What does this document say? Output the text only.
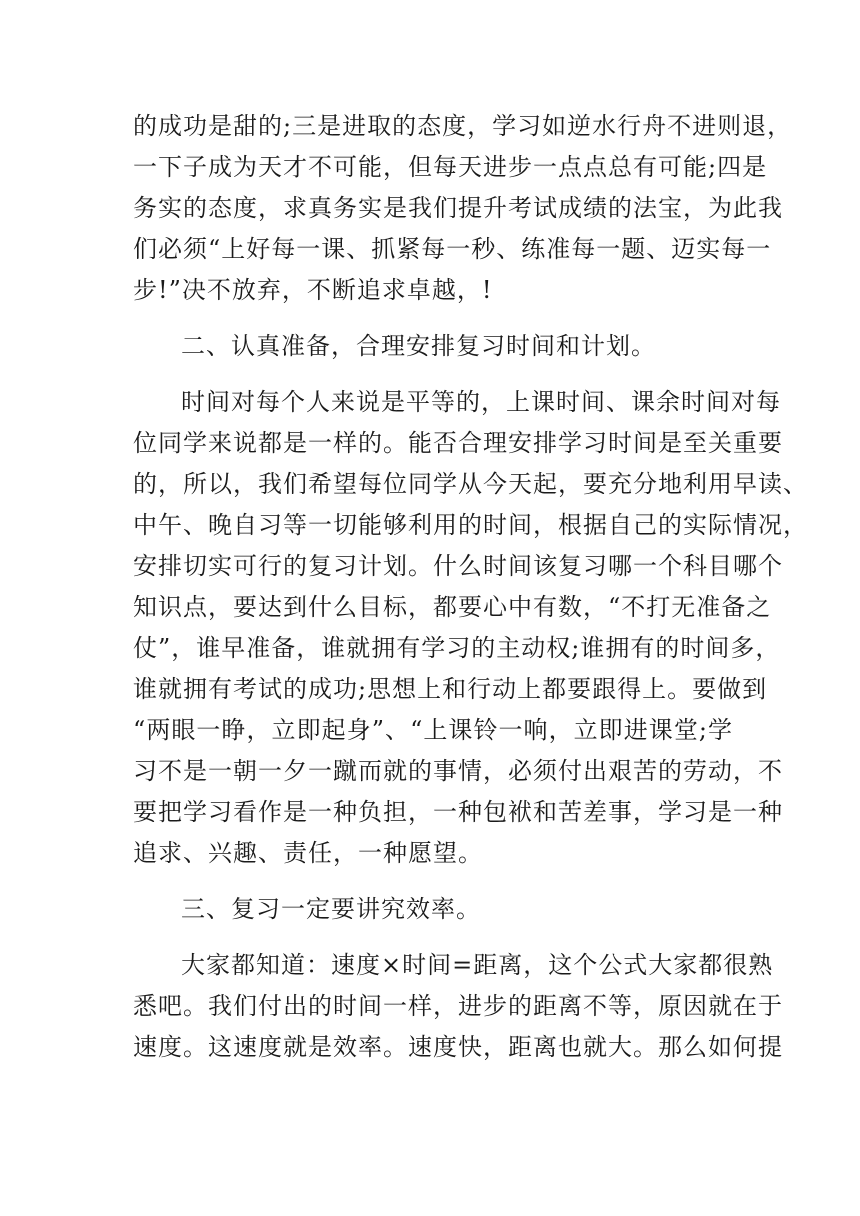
的成功是甜的;三是进取的态度，学习如逆水行舟不进则退，
一下子成为天才不可能，但每天进步一点点总有可能;四是
务实的态度，求真务实是我们提升考试成绩的法宝，为此我
们必须“上好每一课、抓紧每一秒、练准每一题、迈实每一
步!”决不放弃，不断追求卓越，!
二、认真准备，合理安排复习时间和计划。
时间对每个人来说是平等的，上课时间、课余时间对每
位同学来说都是一样的。能否合理安排学习时间是至关重要
的，所以，我们希望每位同学从今天起，要充分地利用早读、
中午、晚自习等一切能够利用的时间，根据自己的实际情况，
安排切实可行的复习计划。什么时间该复习哪一个科目哪个
知识点，要达到什么目标，都要心中有数，“不打无准备之
仗”，谁早准备，谁就拥有学习的主动权;谁拥有的时间多，
谁就拥有考试的成功;思想上和行动上都要跟得上。要做到
“两眼一睁，立即起身”、“上课铃一响，立即进课堂;学
习不是一朝一夕一蹴而就的事情，必须付出艰苦的劳动，不
要把学习看作是一种负担，一种包袱和苦差事，学习是一种
追求、兴趣、责任，一种愿望。
三、复习一定要讲究效率。
大家都知道：速度×时间=距离，这个公式大家都很熟
悉吧。我们付出的时间一样，进步的距离不等，原因就在于
速度。这速度就是效率。速度快，距离也就大。那么如何提
